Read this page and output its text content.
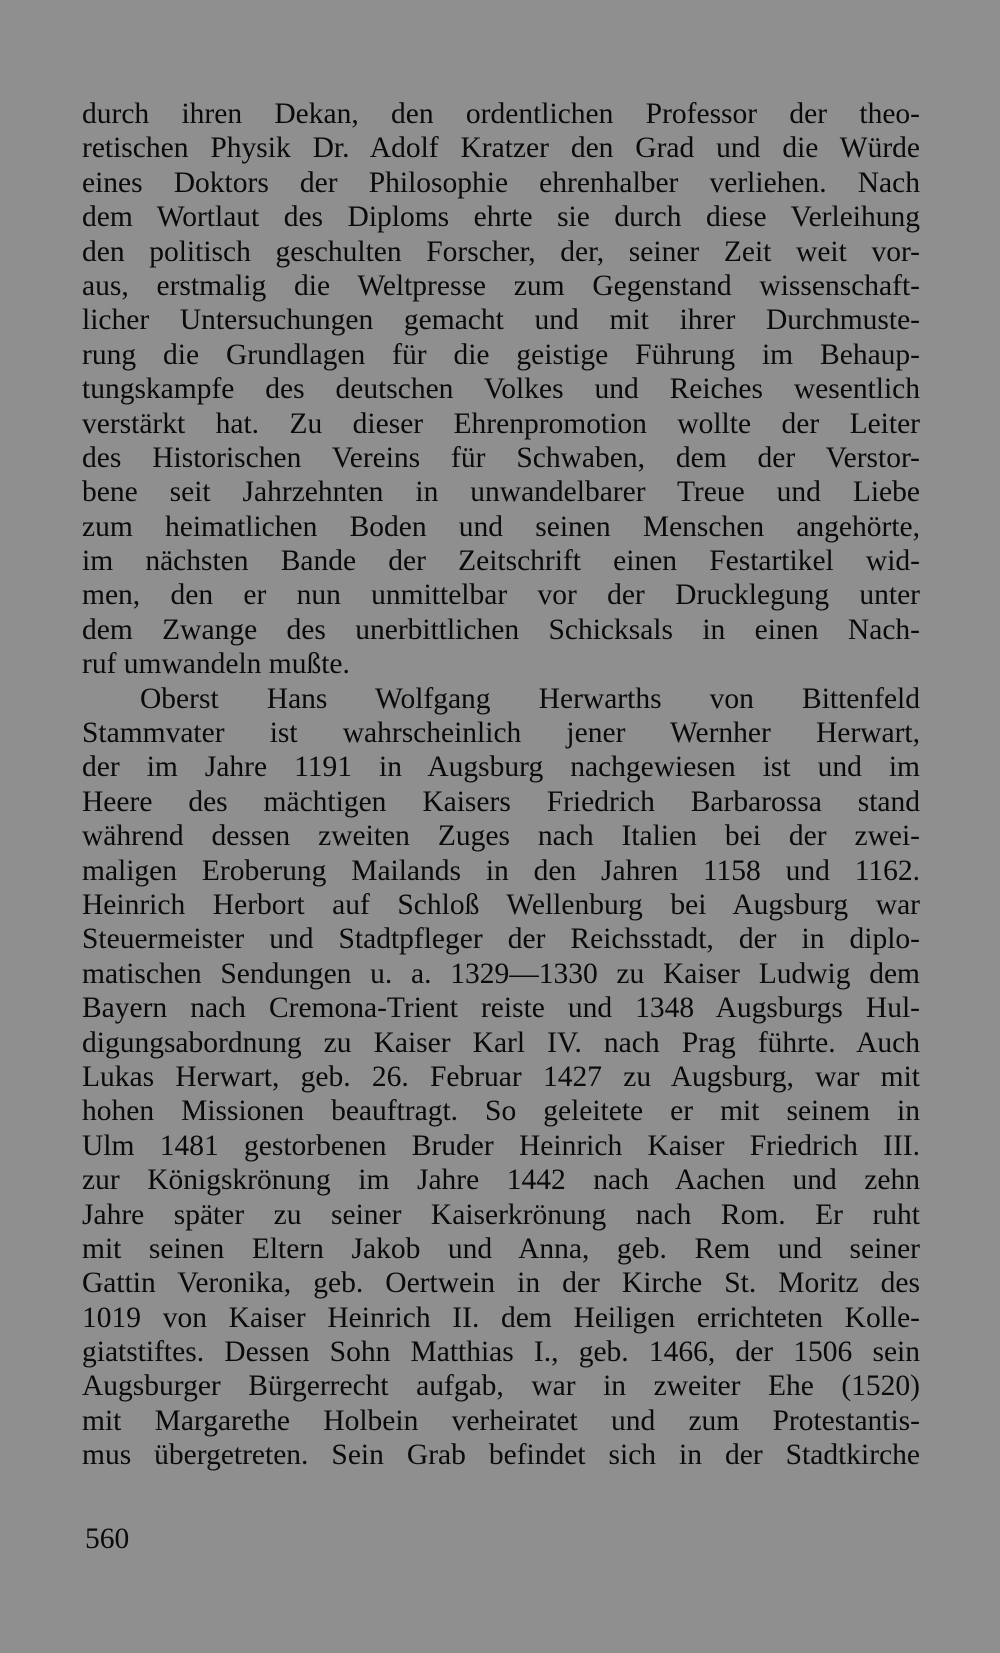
durch ihren Dekan, den ordentlichen Professor der theo-
retischen Physik Dr. Adolf Kratzer den Grad und die Würde
eines Doktors der Philosophie ehrenhalber verliehen. Nach
dem Wortlaut des Diploms ehrte sie durch diese Verleihung
den politisch geschulten Forscher, der, seiner Zeit weit vor-
aus, erstmalig die Weltpresse zum Gegenstand wissenschaft-
licher Untersuchungen gemacht und mit ihrer Durchmuste-
rung die Grundlagen für die geistige Führung im Behaup-
tungskampfe des deutschen Volkes und Reiches wesentlich
verstärkt hat. Zu dieser Ehrenpromotion wollte der Leiter
des Historischen Vereins für Schwaben, dem der Verstor-
bene seit Jahrzehnten in unwandelbarer Treue und Liebe
zum heimatlichen Boden und seinen Menschen angehörte,
im nächsten Bande der Zeitschrift einen Festartikel wid-
men, den er nun unmittelbar vor der Drucklegung unter
dem Zwange des unerbittlichen Schicksals in einen Nach-
ruf umwandeln mußte.
Oberst Hans Wolfgang Herwarths von Bittenfeld
Stammvater ist wahrscheinlich jener Wernher Herwart,
der im Jahre 1191 in Augsburg nachgewiesen ist und im
Heere des mächtigen Kaisers Friedrich Barbarossa stand
während dessen zweiten Zuges nach Italien bei der zwei-
maligen Eroberung Mailands in den Jahren 1158 und 1162.
Heinrich Herbort auf Schloß Wellenburg bei Augsburg war
Steuermeister und Stadtpfleger der Reichsstadt, der in diplo-
matischen Sendungen u. a. 1329—1330 zu Kaiser Ludwig dem
Bayern nach Cremona-Trient reiste und 1348 Augsburgs Hul-
digungsabordnung zu Kaiser Karl IV. nach Prag führte. Auch
Lukas Herwart, geb. 26. Februar 1427 zu Augsburg, war mit
hohen Missionen beauftragt. So geleitete er mit seinem in
Ulm 1481 gestorbenen Bruder Heinrich Kaiser Friedrich III.
zur Königskrönung im Jahre 1442 nach Aachen und zehn
Jahre später zu seiner Kaiserkrönung nach Rom. Er ruht
mit seinen Eltern Jakob und Anna, geb. Rem und seiner
Gattin Veronika, geb. Oertwein in der Kirche St. Moritz des
1019 von Kaiser Heinrich II. dem Heiligen errichteten Kolle-
giatstiftes. Dessen Sohn Matthias I., geb. 1466, der 1506 sein
Augsburger Bürgerrecht aufgab, war in zweiter Ehe (1520)
mit Margarethe Holbein verheiratet und zum Protestantis-
mus übergetreten. Sein Grab befindet sich in der Stadtkirche
560
